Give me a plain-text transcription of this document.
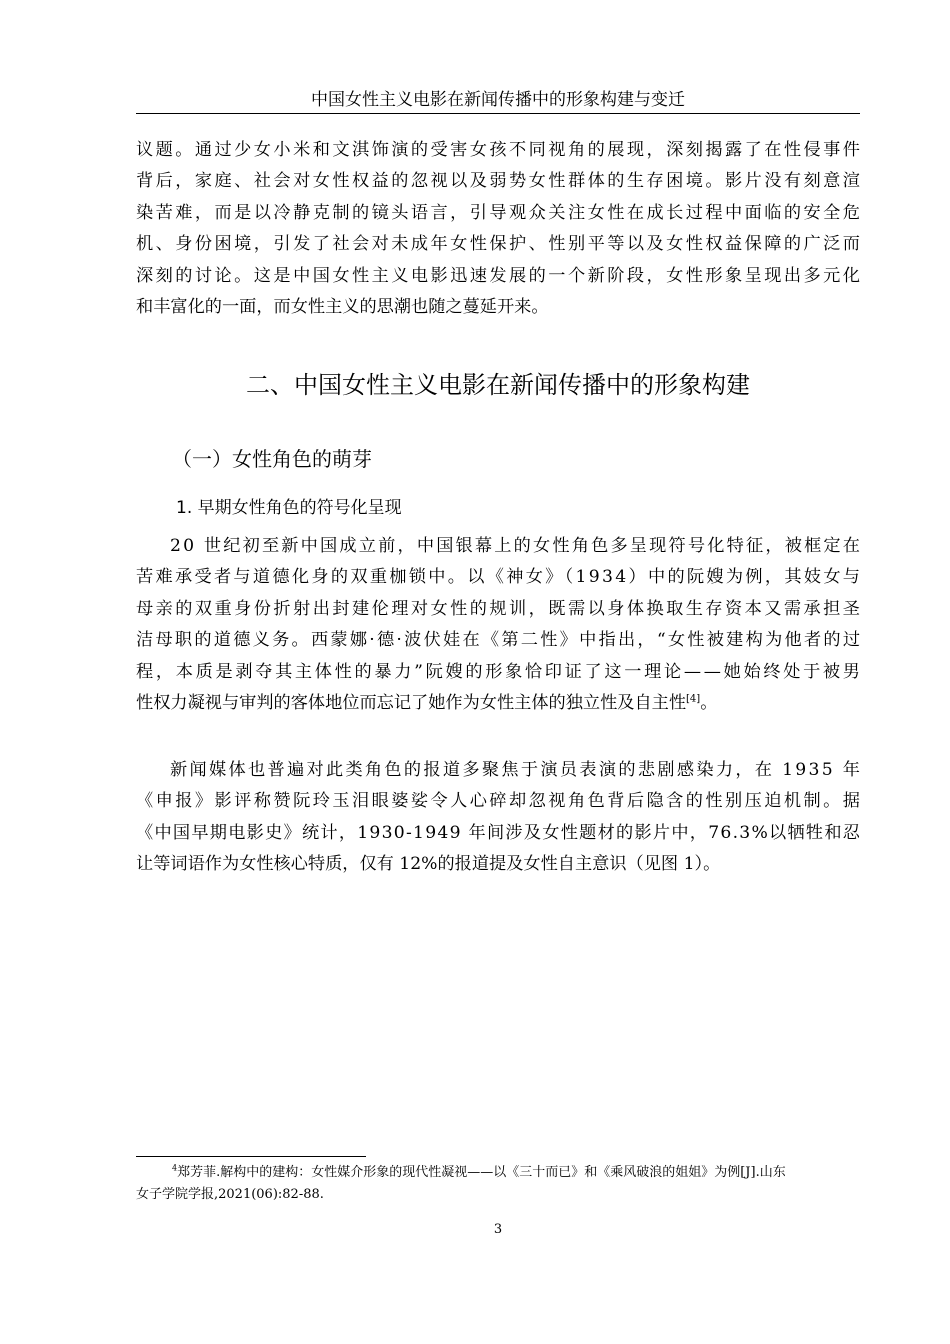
中国女性主义电影在新闻传播中的形象构建与变迁
议题。通过少女小米和文淇饰演的受害女孩不同视角的展现，深刻揭露了在性侵事件
背后，家庭、社会对女性权益的忽视以及弱势女性群体的生存困境。影片没有刻意渲
染苦难，而是以冷静克制的镜头语言，引导观众关注女性在成长过程中面临的安全危
机、身份困境，引发了社会对未成年女性保护、性别平等以及女性权益保障的广泛而
深刻的讨论。这是中国女性主义电影迅速发展的一个新阶段，女性形象呈现出多元化
和丰富化的一面，而女性主义的思潮也随之蔓延开来。
二、中国女性主义电影在新闻传播中的形象构建
（一）女性角色的萌芽
1. 早期女性角色的符号化呈现
20 世纪初至新中国成立前，中国银幕上的女性角色多呈现符号化特征，被框定在
苦难承受者与道德化身的双重枷锁中。以《神女》（1934）中的阮嫂为例，其妓女与
母亲的双重身份折射出封建伦理对女性的规训，既需以身体换取生存资本又需承担圣
洁母职的道德义务。西蒙娜·德·波伏娃在《第二性》中指出，“女性被建构为他者的过
程，本质是剥夺其主体性的暴力”阮嫂的形象恰印证了这一理论——她始终处于被男
性权力凝视与审判的客体地位而忘记了她作为女性主体的独立性及自主性[4]。
新闻媒体也普遍对此类角色的报道多聚焦于演员表演的悲剧感染力，在 1935 年
《申报》影评称赞阮玲玉泪眼婆娑令人心碎却忽视角色背后隐含的性别压迫机制。据
《中国早期电影史》统计，1930-1949 年间涉及女性题材的影片中，76.3%以牺牲和忍
让等词语作为女性核心特质，仅有 12%的报道提及女性自主意识（见图 1）。
$^4$郑芳菲.解构中的建构：女性媒介形象的现代性凝视——以《三十而已》和《乘风破浪的姐姐》为例[J].山东
女子学院学报,2021(06):82-88.
3
